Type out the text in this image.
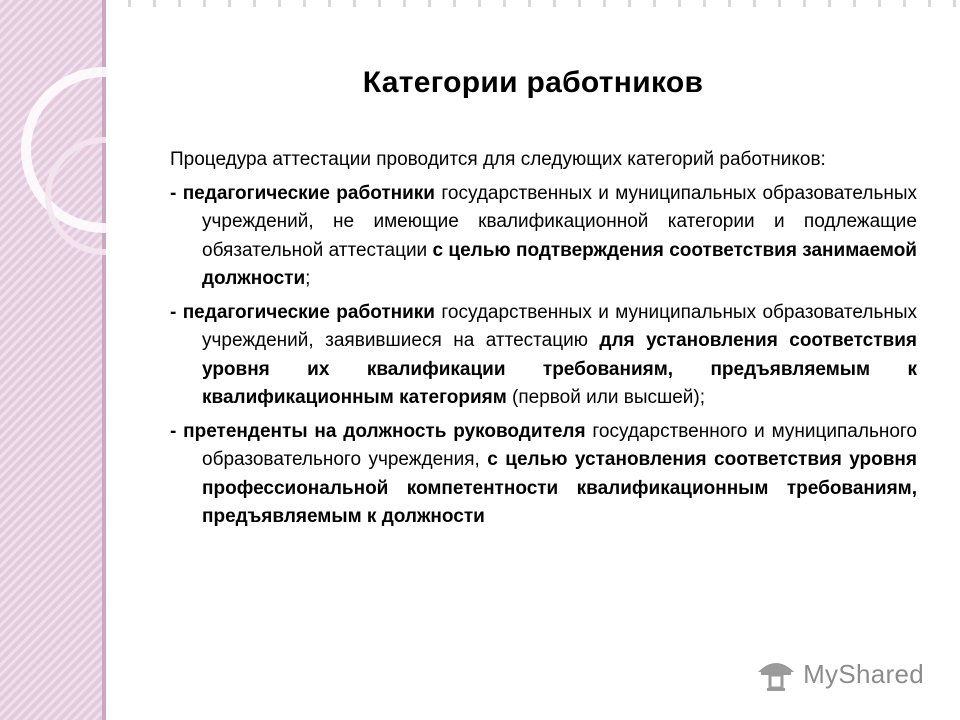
Категории работников

Процедура аттестации проводится для следующих категорий работников:

- педагогические работники государственных и муниципальных образовательных учреждений, не имеющие квалификационной категории и подлежащие обязательной аттестации с целью подтверждения соответствия занимаемой должности;

- педагогические работники государственных и муниципальных образовательных учреждений, заявившиеся на аттестацию для установления соответствия уровня их квалификации требованиям, предъявляемым к квалификационным категориям (первой или высшей);

- претенденты на должность руководителя государственного и муниципального образовательного учреждения, с целью установления соответствия уровня профессиональной компетентности квалификационным требованиям, предъявляемым к должности

MyShared
